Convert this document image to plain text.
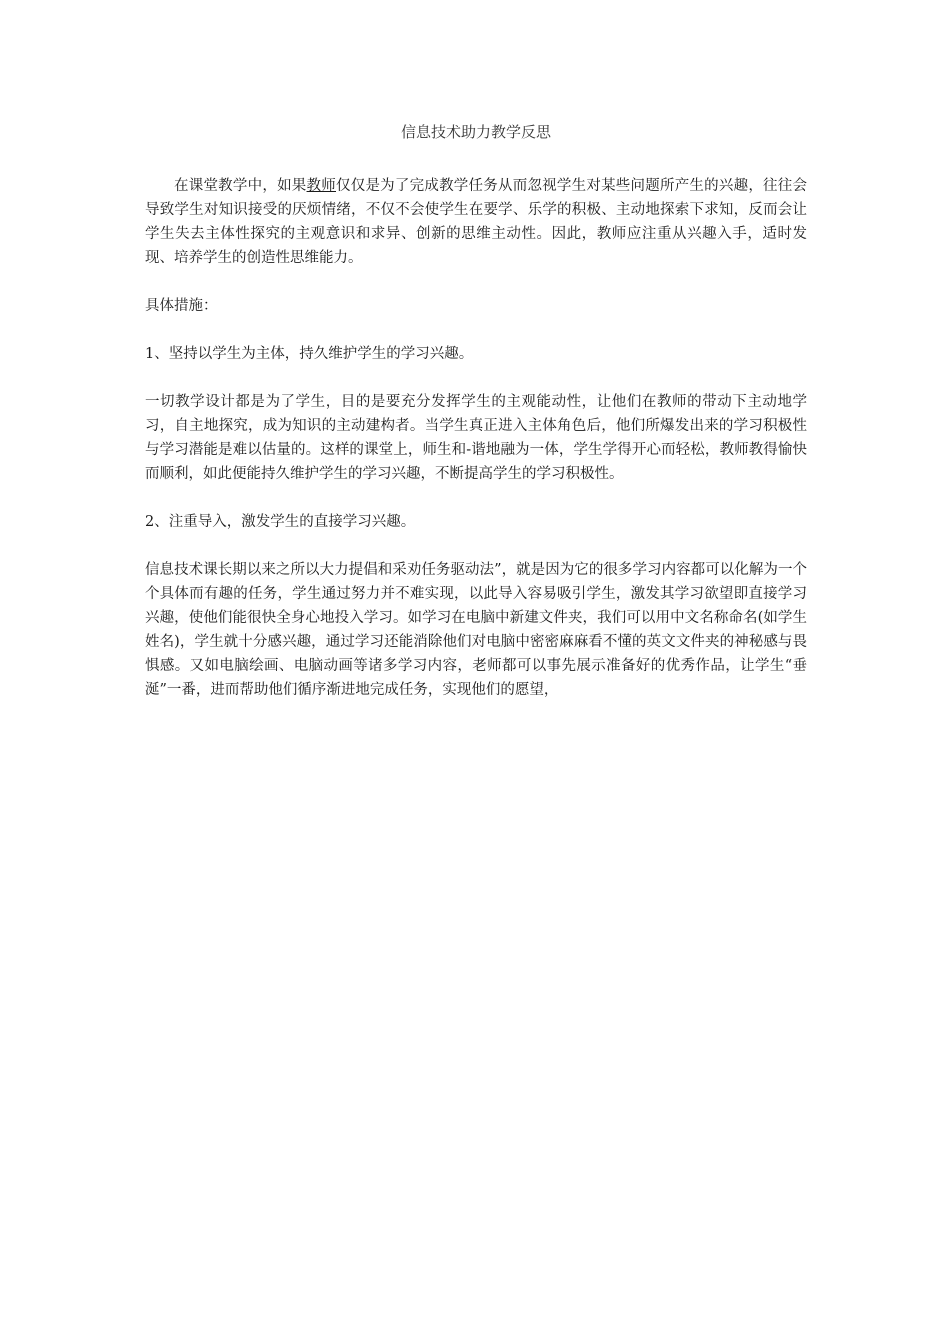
信息技术助力教学反思

在课堂教学中，如果教师仅仅是为了完成教学任务从而忽视学生对某些问题所产生的兴趣，往往会导致学生对知识接受的厌烦情绪，不仅不会使学生在要学、乐学的积极、主动地探索下求知，反而会让学生失去主体性探究的主观意识和求异、创新的思维主动性。因此，教师应注重从兴趣入手，适时发现、培养学生的创造性思维能力。

具体措施：

1、坚持以学生为主体，持久维护学生的学习兴趣。

一切教学设计都是为了学生，目的是要充分发挥学生的主观能动性，让他们在教师的带动下主动地学习，自主地探究，成为知识的主动建构者。当学生真正进入主体角色后，他们所爆发出来的学习积极性与学习潜能是难以估量的。这样的课堂上，师生和-谐地融为一体，学生学得开心而轻松，教师教得愉快而顺利，如此便能持久维护学生的学习兴趣，不断提高学生的学习积极性。

2、注重导入，激发学生的直接学习兴趣。

信息技术课长期以来之所以大力提倡和采劝任务驱动法”，就是因为它的很多学习内容都可以化解为一个个具体而有趣的任务，学生通过努力并不难实现，以此导入容易吸引学生，激发其学习欲望即直接学习兴趣，使他们能很快全身心地投入学习。如学习在电脑中新建文件夹，我们可以用中文名称命名(如学生姓名)，学生就十分感兴趣，通过学习还能消除他们对电脑中密密麻麻看不懂的英文文件夹的神秘感与畏惧感。又如电脑绘画、电脑动画等诸多学习内容，老师都可以事先展示准备好的优秀作品，让学生“垂涎”一番，进而帮助他们循序渐进地完成任务，实现他们的愿望，
